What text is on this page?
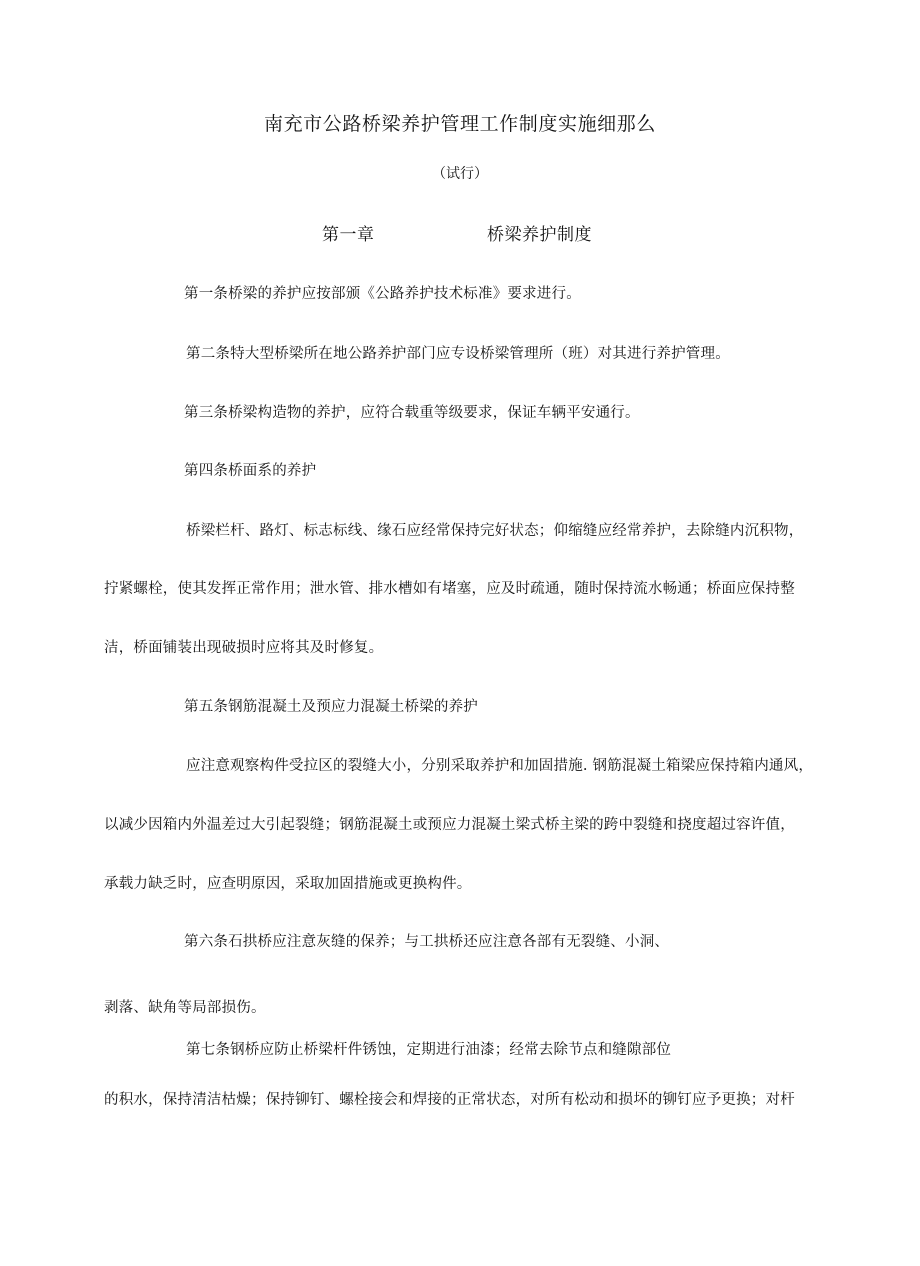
南充市公路桥梁养护管理工作制度实施细那么
（试行）
第一章	桥梁养护制度
第一条桥梁的养护应按部颁《公路养护技术标准》要求进行。
第二条特大型桥梁所在地公路养护部门应专设桥梁管理所（班）对其进行养护管理。
第三条桥梁构造物的养护，应符合载重等级要求，保证车辆平安通行。
第四条桥面系的养护
桥梁栏杆、路灯、标志标线、缘石应经常保持完好状态；仰缩缝应经常养护，去除缝内沉积物，
拧紧螺栓，使其发挥正常作用；泄水管、排水槽如有堵塞，应及时疏通，随时保持流水畅通；桥面应保持整
洁，桥面铺装出现破损时应将其及时修复。
第五条钢筋混凝土及预应力混凝土桥梁的养护
应注意观察构件受拉区的裂缝大小，分别采取养护和加固措施. 钢筋混凝土箱梁应保持箱内通风，
以减少因箱内外温差过大引起裂缝；钢筋混凝土或预应力混凝土梁式桥主梁的跨中裂缝和挠度超过容许值，
承载力缺乏时，应查明原因，采取加固措施或更换构件。
第六条石拱桥应注意灰缝的保养；与工拱桥还应注意各部有无裂缝、小洞、
剥落、缺角等局部损伤。
第七条钢桥应防止桥梁杆件锈蚀，定期进行油漆；经常去除节点和缝隙部位
的积水，保持清洁枯燥；保持铆钉、螺栓接会和焊接的正常状态，对所有松动和损坏的铆钉应予更换；对杆
